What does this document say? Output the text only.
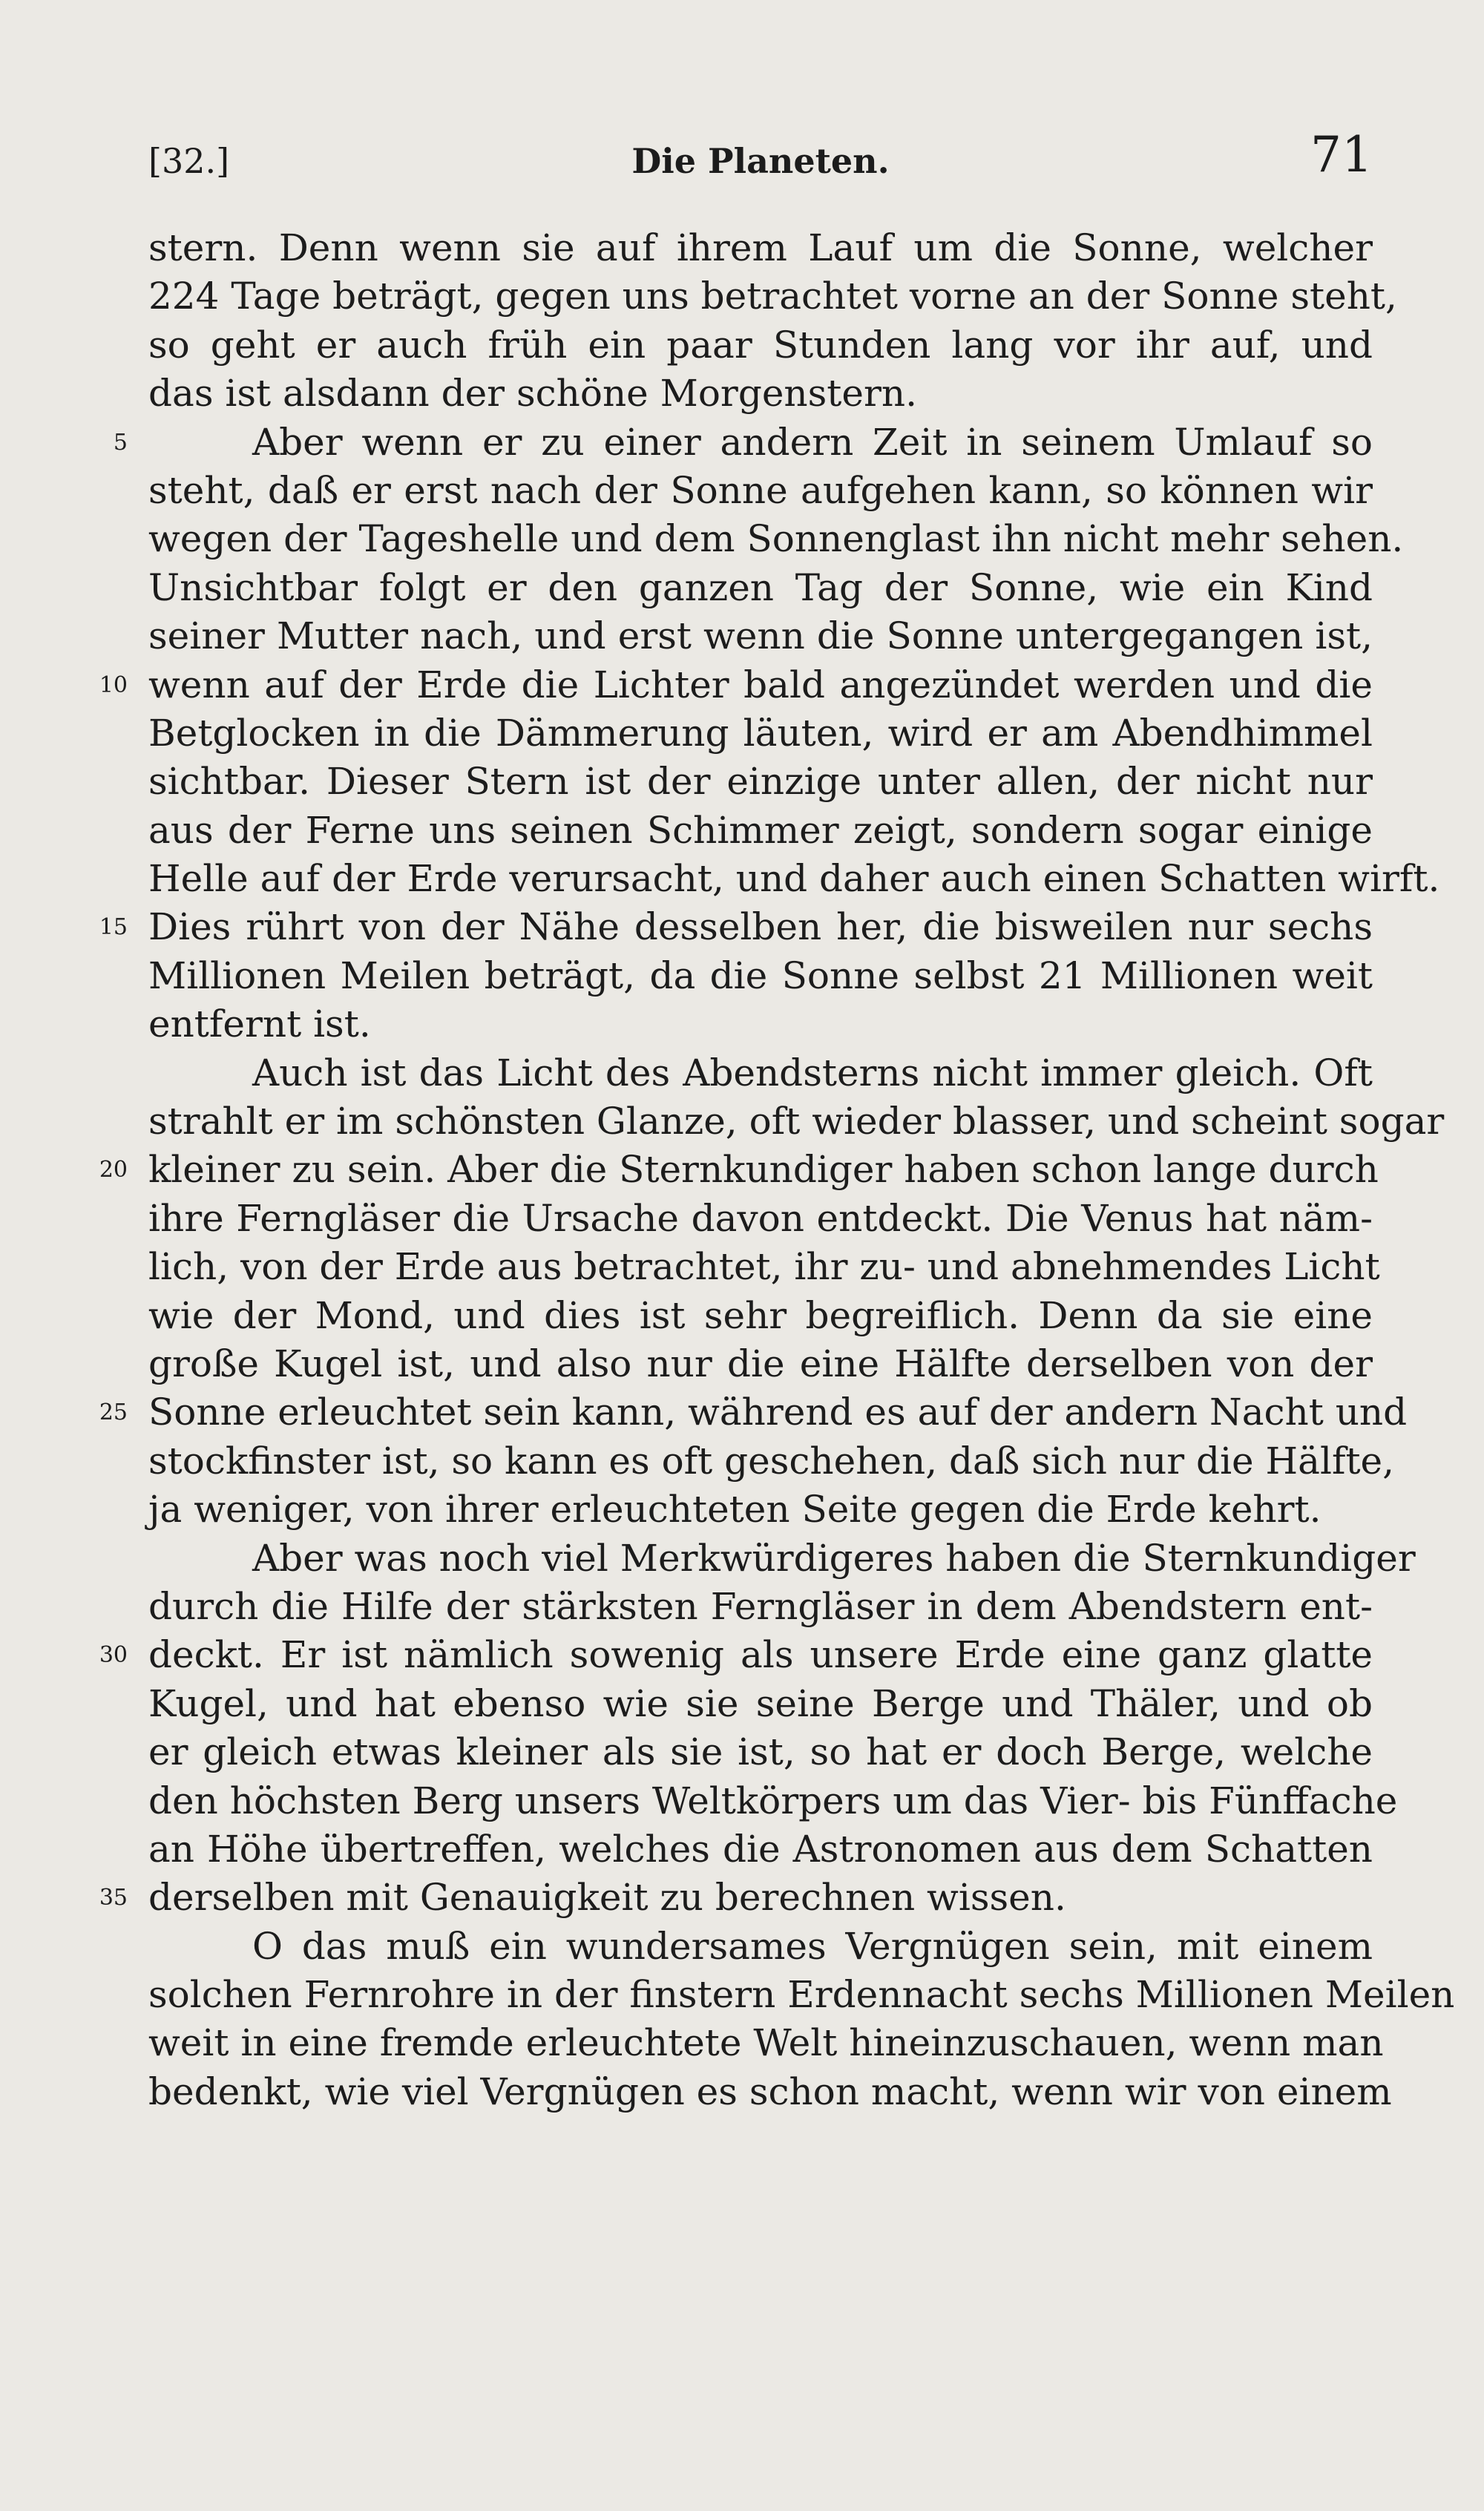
[32.]	Die Planeten.	71
stern. Denn wenn sie auf ihrem Lauf um die Sonne, welcher
224 Tage beträgt, gegen uns betrachtet vorne an der Sonne steht,
so geht er auch früh ein paar Stunden lang vor ihr auf, und
das ist alsdann der schöne Morgenstern.
5	Aber wenn er zu einer andern Zeit in seinem Umlauf so
steht, daß er erst nach der Sonne aufgehen kann, so können wir
wegen der Tageshelle und dem Sonnenglast ihn nicht mehr sehen.
Unsichtbar folgt er den ganzen Tag der Sonne, wie ein Kind
seiner Mutter nach, und erst wenn die Sonne untergegangen ist,
10 wenn auf der Erde die Lichter bald angezündet werden und die
Betglocken in die Dämmerung läuten, wird er am Abendhimmel
sichtbar. Dieser Stern ist der einzige unter allen, der nicht nur
aus der Ferne uns seinen Schimmer zeigt, sondern sogar einige
Helle auf der Erde verursacht, und daher auch einen Schatten wirft.
15 Dies rührt von der Nähe desselben her, die bisweilen nur sechs
Millionen Meilen beträgt, da die Sonne selbst 21 Millionen weit
entfernt ist.
Auch ist das Licht des Abendsterns nicht immer gleich. Oft
strahlt er im schönsten Glanze, oft wieder blasser, und scheint sogar
20 kleiner zu sein. Aber die Sternkundiger haben schon lange durch
ihre Ferngläser die Ursache davon entdeckt. Die Venus hat näm-
lich, von der Erde aus betrachtet, ihr zu- und abnehmendes Licht
wie der Mond, und dies ist sehr begreiflich. Denn da sie eine
große Kugel ist, und also nur die eine Hälfte derselben von der
25 Sonne erleuchtet sein kann, während es auf der andern Nacht und
stockfinster ist, so kann es oft geschehen, daß sich nur die Hälfte,
ja weniger, von ihrer erleuchteten Seite gegen die Erde kehrt.
Aber was noch viel Merkwürdigeres haben die Sternkundiger
durch die Hilfe der stärksten Ferngläser in dem Abendstern ent-
30 deckt. Er ist nämlich sowenig als unsere Erde eine ganz glatte
Kugel, und hat ebenso wie sie seine Berge und Thäler, und ob
er gleich etwas kleiner als sie ist, so hat er doch Berge, welche
den höchsten Berg unsers Weltkörpers um das Vier- bis Fünffache
an Höhe übertreffen, welches die Astronomen aus dem Schatten
35 derselben mit Genauigkeit zu berechnen wissen.
O das muß ein wundersames Vergnügen sein, mit einem
solchen Fernrohre in der finstern Erdennacht sechs Millionen Meilen
weit in eine fremde erleuchtete Welt hineinzuschauen, wenn man
bedenkt, wie viel Vergnügen es schon macht, wenn wir von einem
